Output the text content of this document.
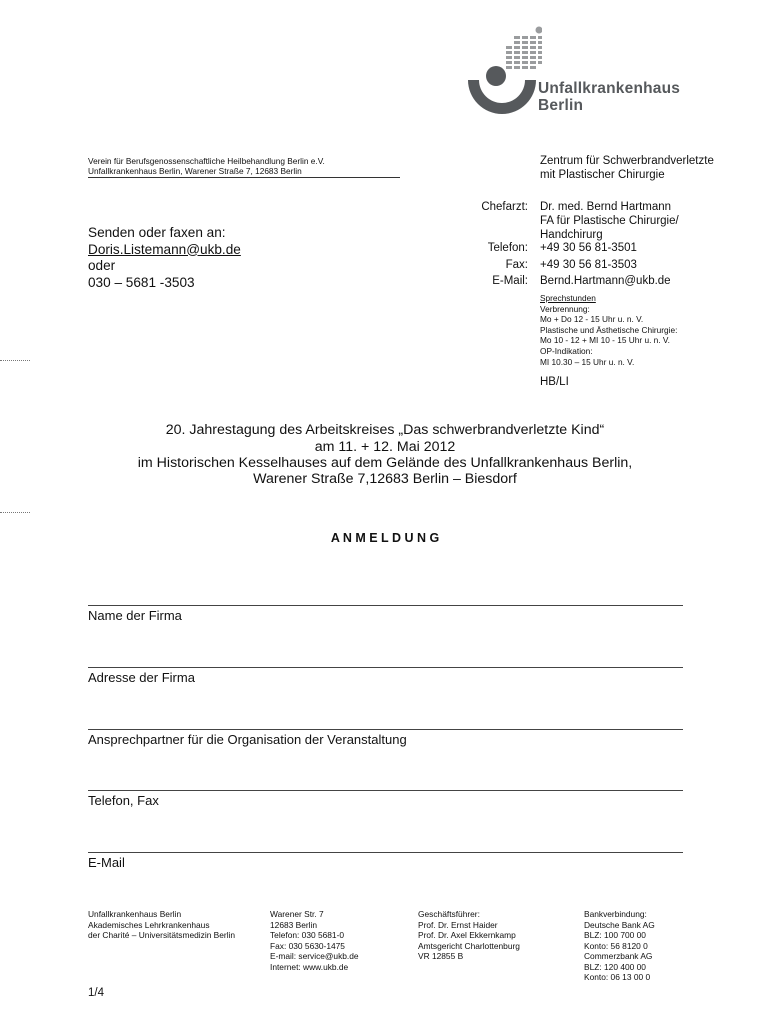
Unfallkrankenhaus
Berlin
Verein für Berufsgenossenschaftliche Heilbehandlung Berlin e.V.
Unfallkrankenhaus Berlin, Warener Straße 7, 12683 Berlin
Zentrum für Schwerbrandverletzte
mit Plastischer Chirurgie
Senden oder faxen an:
Doris.Listemann@ukb.de
oder
030 – 5681 -3503
Chefarzt: Dr. med. Bernd Hartmann
FA für Plastische Chirurgie/
Handchirurg
Telefon: +49 30 56 81-3501
Fax: +49 30 56 81-3503
E-Mail: Bernd.Hartmann@ukb.de
Sprechstunden
Verbrennung:
Mo + Do 12 - 15 Uhr u. n. V.
Plastische und Ästhetische Chirurgie:
Mo 10 - 12 + MI 10 - 15 Uhr u. n. V.
OP-Indikation:
MI 10.30 – 15 Uhr u. n. V.
HB/LI
20. Jahrestagung des Arbeitskreises „Das schwerbrandverletzte Kind“
am 11. + 12. Mai 2012
im Historischen Kesselhauses auf dem Gelände des Unfallkrankenhaus Berlin,
Warener Straße 7,12683 Berlin – Biesdorf
A N M E L D U N G
Name der Firma
Adresse der Firma
Ansprechpartner für die Organisation der Veranstaltung
Telefon, Fax
E-Mail
Unfallkrankenhaus Berlin
Akademisches Lehrkrankenhaus
der Charité – Universitätsmedizin Berlin
Warener Str. 7
12683 Berlin
Telefon: 030 5681-0
Fax: 030 5630-1475
E-mail: service@ukb.de
Internet: www.ukb.de
Geschäftsführer:
Prof. Dr. Ernst Haider
Prof. Dr. Axel Ekkernkamp
Amtsgericht Charlottenburg
VR 12855 B
Bankverbindung:
Deutsche Bank AG
BLZ: 100 700 00
Konto: 56 8120 0
Commerzbank AG
BLZ: 120 400 00
Konto: 06 13 00 0
1/4
